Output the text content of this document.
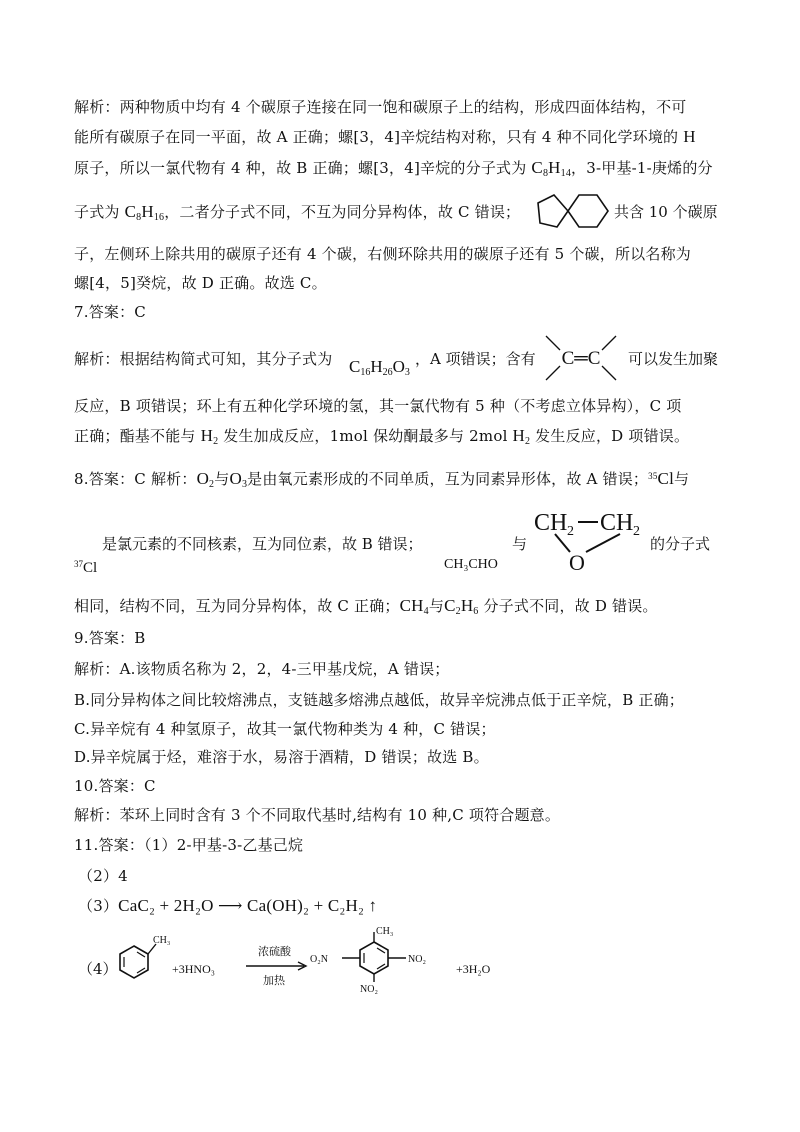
解析：两种物质中均有 4 个碳原子连接在同一饱和碳原子上的结构，形成四面体结构，不可
能所有碳原子在同一平面，故 A 正确；螺[3，4]辛烷结构对称，只有 4 种不同化学环境的 H
原子，所以一氯代物有 4 种，故 B 正确；螺[3，4]辛烷的分子式为 $C_8H_{14}$，3-甲基-1-庚烯的分
子式为 $C_8H_{16}$，二者分子式不同，不互为同分异构体，故 C 错误；	共含 10 个碳原
子，左侧环上除共用的碳原子还有 4 个碳，右侧环除共用的碳原子还有 5 个碳，所以名称为
螺[4，5]癸烷，故 D 正确。故选 C。
7.答案：C
解析：根据结构简式可知，其分子式为 $C_{16}H_{26}O_3$
，A 项错误；含有 C═C 可以发生加聚
反应，B 项错误；环上有五种化学环境的氢，其一氯代物有 5 种（不考虑立体异构），C 项
正确；酯基不能与 $H_2$ 发生加成反应，1mol 保幼酮最多与 2mol $H_2$ 发生反应，D 项错误。
8.答案：C 解析：$O_2$与$O_3$是由氧元素形成的不同单质，互为同素异形体，故 A 错误；$^{35}$Cl与
是氯元素的不同核素，互为同位素，故 B 错误；
$^{37}$Cl	CH₃CHO
与
CH 2 CH 2
O
的分子式
相同，结构不同，互为同分异构体，故 C 正确；$CH_4$与$C_2H_6$ 分子式不同，故 D 错误。
9.答案：B
解析：A.该物质名称为 2，2，4-三甲基戊烷，A 错误；
B.同分异构体之间比较熔沸点，支链越多熔沸点越低，故异辛烷沸点低于正辛烷，B 正确；
C.异辛烷有 4 种氢原子，故其一氯代物种类为 4 种，C 错误；
D.异辛烷属于烃，难溶于水，易溶于酒精，D 错误；故选 B。
10.答案：C
解析：苯环上同时含有 3 个不同取代基时,结构有 10 种,C 项符合题意。
11.答案：（1）2-甲基-3-乙基己烷
（2）4
（3）CaC₂ + 2H₂O ⟶ Ca(OH)₂ + C₂H₂ ↑
（4）
CH₃
+3HNO₃
浓硫酸
加热
CH₃
O₂N	NO₂
NO₂
+3H₂O
